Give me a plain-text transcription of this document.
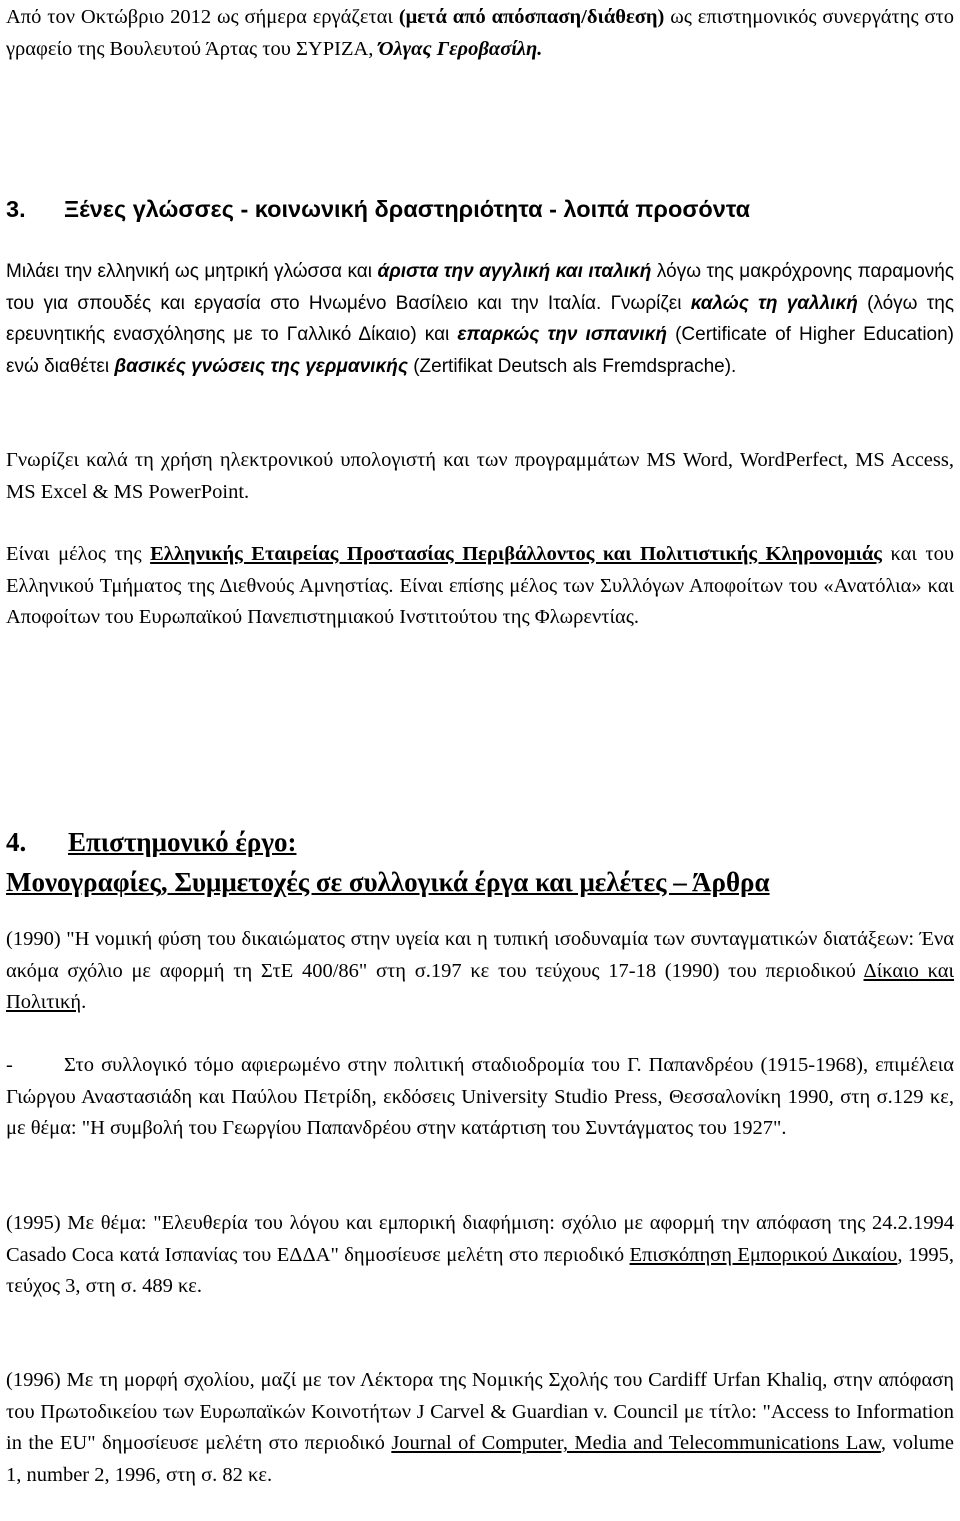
Από τον Οκτώβριο 2012 ως σήμερα εργάζεται (μετά από απόσπαση/διάθεση) ως επιστημονικός συνεργάτης στο γραφείο της Βουλευτού Άρτας του ΣΥΡΙΖΑ, Όλγας Γεροβασίλη.

3. Ξένες γλώσσες - κοινωνική δραστηριότητα - λοιπά προσόντα

Μιλάει την ελληνική ως μητρική γλώσσα και άριστα την αγγλική και ιταλική λόγω της μακρόχρονης παραμονής του για σπουδές και εργασία στο Ηνωμένο Βασίλειο και την Ιταλία. Γνωρίζει καλώς τη γαλλική (λόγω της ερευνητικής ενασχόλησης με το Γαλλικό Δίκαιο) και επαρκώς την ισπανική (Certificate of Higher Education) ενώ διαθέτει βασικές γνώσεις της γερμανικής (Zertifikat Deutsch als Fremdsprache).

Γνωρίζει καλά τη χρήση ηλεκτρονικού υπολογιστή και των προγραμμάτων MS Word, WordPerfect, MS Access, MS Excel & MS PowerPoint.

Είναι μέλος της Ελληνικής Εταιρείας Προστασίας Περιβάλλοντος και Πολιτιστικής Κληρονομιάς και του Ελληνικού Τμήματος της Διεθνούς Αμνηστίας. Είναι επίσης μέλος των Συλλόγων Αποφοίτων του «Ανατόλια» και Αποφοίτων του Ευρωπαϊκού Πανεπιστημιακού Ινστιτούτου της Φλωρεντίας.

4. Επιστημονικό έργο:
Μονογραφίες, Συμμετοχές σε συλλογικά έργα και μελέτες – Άρθρα

(1990) "Η νομική φύση του δικαιώματος στην υγεία και η τυπική ισοδυναμία των συνταγματικών διατάξεων: Ένα ακόμα σχόλιο με αφορμή τη ΣτΕ 400/86" στη σ.197 κε του τεύχους 17-18 (1990) του περιοδικού Δίκαιο και Πολιτική.

- Στο συλλογικό τόμο αφιερωμένο στην πολιτική σταδιοδρομία του Γ. Παπανδρέου (1915-1968), επιμέλεια Γιώργου Αναστασιάδη και Παύλου Πετρίδη, εκδόσεις University Studio Press, Θεσσαλονίκη 1990, στη σ.129 κε, με θέμα: "Η συμβολή του Γεωργίου Παπανδρέου στην κατάρτιση του Συντάγματος του 1927".

(1995) Με θέμα: "Ελευθερία του λόγου και εμπορική διαφήμιση: σχόλιο με αφορμή την απόφαση της 24.2.1994 Casado Coca κατά Ισπανίας του ΕΔΔΑ" δημοσίευσε μελέτη στο περιοδικό Επισκόπηση Εμπορικού Δικαίου, 1995, τεύχος 3, στη σ. 489 κε.

(1996) Με τη μορφή σχολίου, μαζί με τον Λέκτορα της Νομικής Σχολής του Cardiff Urfan Khaliq, στην απόφαση του Πρωτοδικείου των Ευρωπαϊκών Κοινοτήτων J Carvel & Guardian v. Council με τίτλο: "Access to Information in the EU" δημοσίευσε μελέτη στο περιοδικό Journal of Computer, Media and Telecommunications Law, volume 1, number 2, 1996, στη σ. 82 κε.
